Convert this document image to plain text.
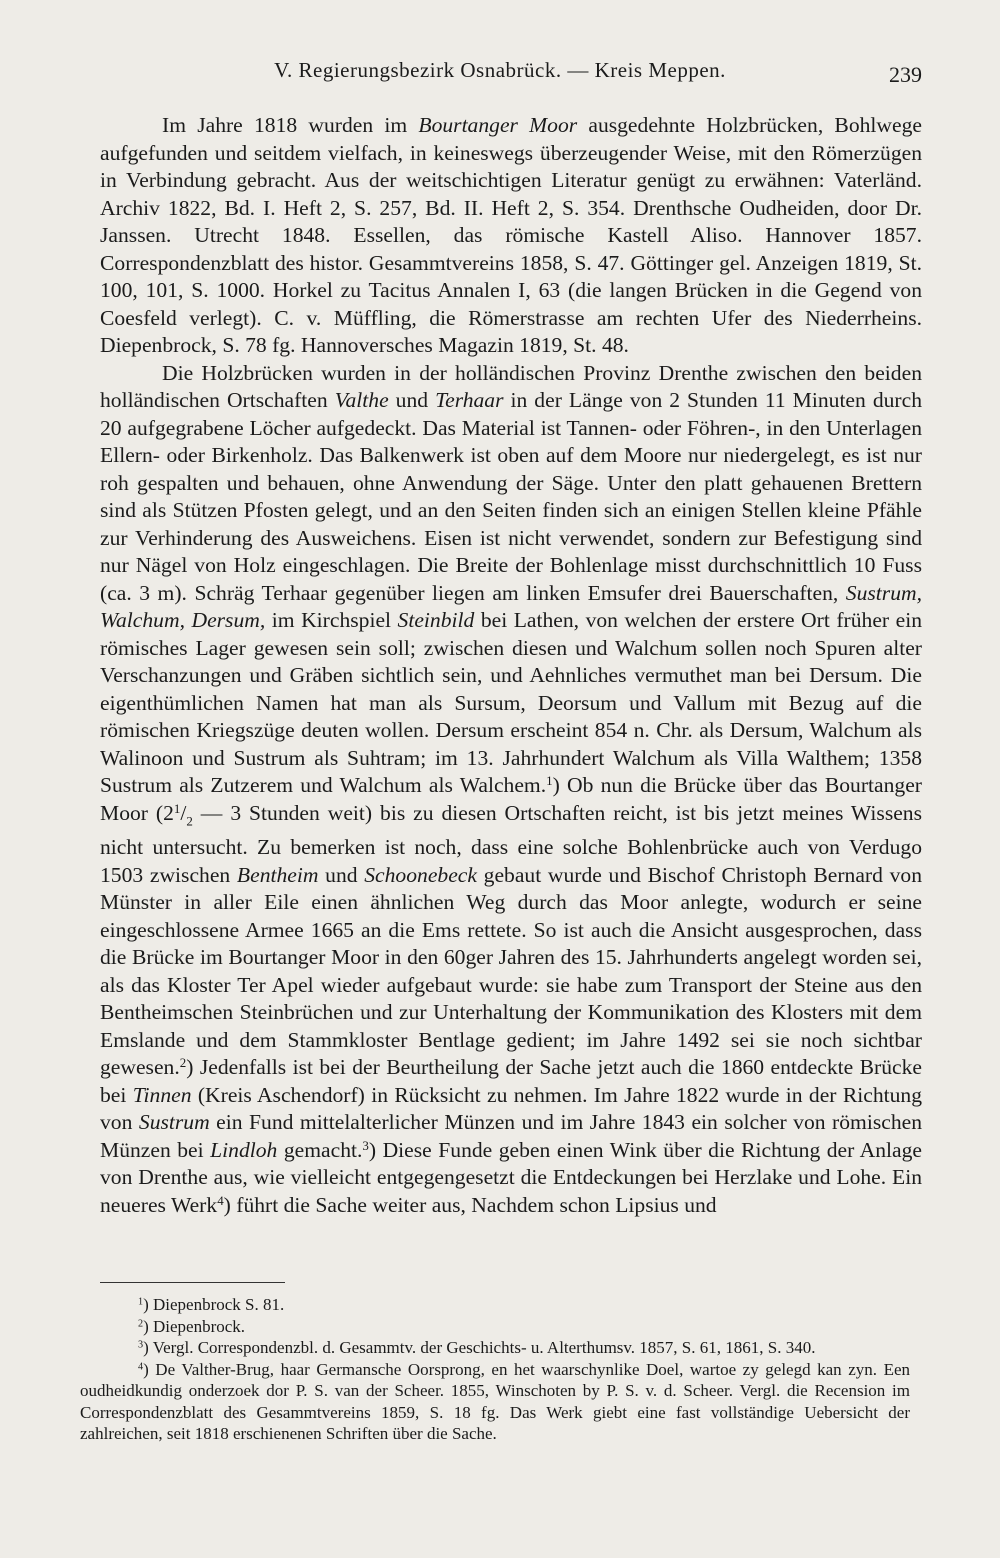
V. Regierungsbezirk Osnabrück. — Kreis Meppen.	239

Im Jahre 1818 wurden im Bourtanger Moor ausgedehnte Holzbrücken, Bohlwege aufgefunden und seitdem vielfach, in keineswegs überzeugender Weise, mit den Römerzügen in Verbindung gebracht. Aus der weitschichtigen Literatur genügt zu erwähnen: Vaterländ. Archiv 1822, Bd. I. Heft 2, S. 257, Bd. II. Heft 2, S. 354. Drenthsche Oudheiden, door Dr. Janssen. Utrecht 1848. Essellen, das römische Kastell Aliso. Hannover 1857. Correspondenzblatt des histor. Gesammtvereins 1858, S. 47. Göttinger gel. Anzeigen 1819, St. 100, 101, S. 1000. Horkel zu Tacitus Annalen I, 63 (die langen Brücken in die Gegend von Coesfeld verlegt). C. v. Müffling, die Römerstrasse am rechten Ufer des Niederrheins. Diepenbrock, S. 78 fg. Hannoversches Magazin 1819, St. 48.

Die Holzbrücken wurden in der holländischen Provinz Drenthe zwischen den beiden holländischen Ortschaften Valthe und Terhaar in der Länge von 2 Stunden 11 Minuten durch 20 aufgegrabene Löcher aufgedeckt. Das Material ist Tannen- oder Föhren-, in den Unterlagen Ellern- oder Birkenholz. Das Balkenwerk ist oben auf dem Moore nur niedergelegt, es ist nur roh gespalten und behauen, ohne Anwendung der Säge. Unter den platt gehauenen Brettern sind als Stützen Pfosten gelegt, und an den Seiten finden sich an einigen Stellen kleine Pfähle zur Verhinderung des Ausweichens. Eisen ist nicht verwendet, sondern zur Befestigung sind nur Nägel von Holz eingeschlagen. Die Breite der Bohlenlage misst durchschnittlich 10 Fuss (ca. 3 m). Schräg Terhaar gegenüber liegen am linken Emsufer drei Bauerschaften, Sustrum, Walchum, Dersum, im Kirchspiel Steinbild bei Lathen, von welchen der erstere Ort früher ein römisches Lager gewesen sein soll; zwischen diesen und Walchum sollen noch Spuren alter Verschanzungen und Gräben sichtlich sein, und Aehnliches vermuthet man bei Dersum. Die eigenthümlichen Namen hat man als Sursum, Deorsum und Vallum mit Bezug auf die römischen Kriegszüge deuten wollen. Dersum erscheint 854 n. Chr. als Dersum, Walchum als Walinoon und Sustrum als Suhtram; im 13. Jahrhundert Walchum als Villa Walthem; 1358 Sustrum als Zutzerem und Walchum als Walchem.$^1$) Ob nun die Brücke über das Bourtanger Moor ($2^1/_2$ — 3 Stunden weit) bis zu diesen Ortschaften reicht, ist bis jetzt meines Wissens nicht untersucht. Zu bemerken ist noch, dass eine solche Bohlenbrücke auch von Verdugo 1503 zwischen Bentheim und Schoonebeck gebaut wurde und Bischof Christoph Bernard von Münster in aller Eile einen ähnlichen Weg durch das Moor anlegte, wodurch er seine eingeschlossene Armee 1665 an die Ems rettete. So ist auch die Ansicht ausgesprochen, dass die Brücke im Bourtanger Moor in den 60ger Jahren des 15. Jahrhunderts angelegt worden sei, als das Kloster Ter Apel wieder aufgebaut wurde: sie habe zum Transport der Steine aus den Bentheimschen Steinbrüchen und zur Unterhaltung der Kommunikation des Klosters mit dem Emslande und dem Stammkloster Bentlage gedient; im Jahre 1492 sei sie noch sichtbar gewesen.$^2$) Jedenfalls ist bei der Beurtheilung der Sache jetzt auch die 1860 entdeckte Brücke bei Tinnen (Kreis Aschendorf) in Rücksicht zu nehmen. Im Jahre 1822 wurde in der Richtung von Sustrum ein Fund mittelalterlicher Münzen und im Jahre 1843 ein solcher von römischen Münzen bei Lindloh gemacht.$^3$) Diese Funde geben einen Wink über die Richtung der Anlage von Drenthe aus, wie vielleicht entgegengesetzt die Entdeckungen bei Herzlake und Lohe. Ein neueres Werk$^4$) führt die Sache weiter aus, Nachdem schon Lipsius und

$^1$) Diepenbrock S. 81.

$^2$) Diepenbrock.

$^3$) Vergl. Correspondenzbl. d. Gesammtv. der Geschichts- u. Alterthumsv. 1857, S. 61, 1861, S. 340.

$^4$) De Valther-Brug, haar Germansche Oorsprong, en het waarschynlike Doel, wartoe zy gelegd kan zyn. Een oudheidkundig onderzoek dor P. S. van der Scheer. 1855, Winschoten by P. S. v. d. Scheer. Vergl. die Recension im Correspondenzblatt des Gesammtvereins 1859, S. 18 fg. Das Werk giebt eine fast vollständige Uebersicht der zahlreichen, seit 1818 erschienenen Schriften über die Sache.
